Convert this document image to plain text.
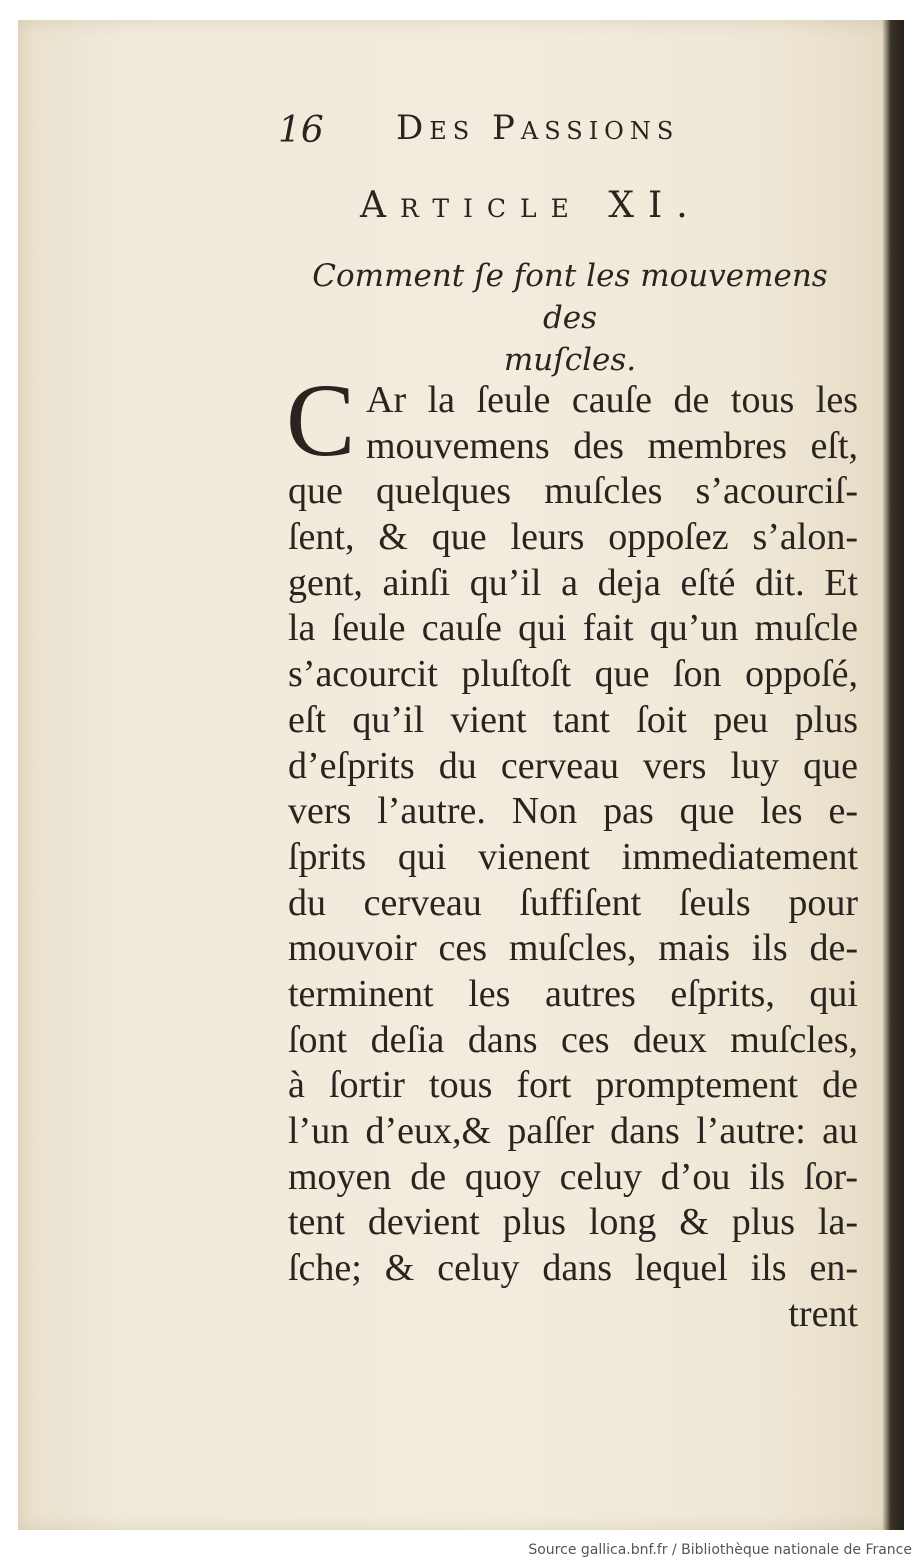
16 Des Passions
Article XI.
Comment ſe font les mouvemens des
muſcles.
C Ar la ſeule cauſe de tous les
mouvemens des membres eſt,
que quelques muſcles s’acourciſ-
ſent, & que leurs oppoſez s’alon-
gent, ainſi qu’il a deja eſté dit. Et
la ſeule cauſe qui fait qu’un muſcle
s’acourcit pluſtoſt que ſon oppoſé,
eſt qu’il vient tant ſoit peu plus
d’eſprits du cerveau vers luy que
vers l’autre. Non pas que les e-
ſprits qui vienent immediatement
du cerveau ſuffiſent ſeuls pour
mouvoir ces muſcles, mais ils de-
terminent les autres eſprits, qui
ſont deſia dans ces deux muſcles,
à ſortir tous fort promptement de
l’un d’eux,& paſſer dans l’autre: au
moyen de quoy celuy d’ou ils ſor-
tent devient plus long & plus la-
ſche; & celuy dans lequel ils en-
trent
Source gallica.bnf.fr / Bibliothèque nationale de France
